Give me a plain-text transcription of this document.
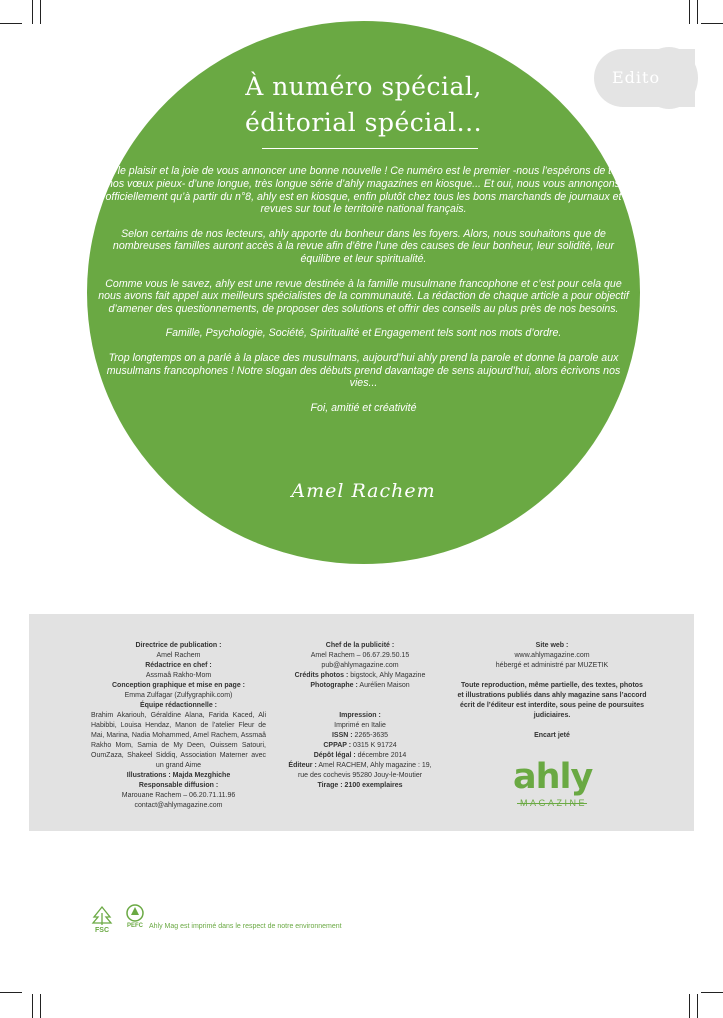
Edito
À numéro spécial,
éditorial spécial...

J’ai le plaisir et la joie de vous annoncer une bonne nouvelle ! Ce numéro est le premier -nous l’espérons de tous nos vœux pieux- d’une longue, très longue série d’ahly magazines en kiosque... Et oui, nous vous annonçons officiellement qu’à partir du n°8, ahly est en kiosque, enfin plutôt chez tous les bons marchands de journaux et revues sur tout le territoire national français.

Selon certains de nos lecteurs, ahly apporte du bonheur dans les foyers. Alors, nous souhaitons que de nombreuses familles auront accès à la revue afin d’être l’une des causes de leur bonheur, leur solidité, leur équilibre et leur spiritualité.

Comme vous le savez, ahly est une revue destinée à la famille musulmane francophone et c’est pour cela que nous avons fait appel aux meilleurs spécialistes de la communauté. La rédaction de chaque article a pour objectif d’amener des questionnements, de proposer des solutions et offrir des conseils au plus près de nos besoins.

Famille, Psychologie, Société, Spiritualité et Engagement tels sont nos mots d’ordre.

Trop longtemps on a parlé à la place des musulmans, aujourd’hui ahly prend la parole et donne la parole aux musulmans francophones ! Notre slogan des débuts prend davantage de sens aujourd’hui, alors écrivons nos vies...

Foi, amitié et créativité

Amel Rachem
Directrice de publication :
Amel Rachem
Rédactrice en chef :
Assmaâ Rakho-Mom
Conception graphique et mise en page :
Emma Zulfagar (Zulfygraphik.com)
Équipe rédactionnelle :
Brahim Akariouh, Géraldine Alana, Farida Kaced, Ali Habibbi, Louisa Hendaz, Manon de l’atelier Fleur de Mai, Marina, Nadia Mohammed, Amel Rachem, Assmaâ Rakho Mom, Samia de My Deen, Ouissem Satouri, OumZaza, Shakeel Siddiq, Association Materner avec un grand Aime
Illustrations : Majda Mezghiche
Responsable diffusion :
Marouane Rachem – 06.20.71.11.96
contact@ahlymagazine.com
Chef de la publicité :
Amel Rachem – 06.67.29.50.15
pub@ahlymagazine.com
Crédits photos : bigstock, Ahly Magazine
Photographe : Aurélien Maison
Impression :
Imprimé en Italie
ISSN : 2265-3635
CPPAP : 0315 K 91724
Dépôt légal : décembre 2014
Éditeur : Amel RACHEM, Ahly magazine : 19, rue des cochevis 95280 Jouy-le-Moutier
Tirage : 2100 exemplaires
Site web :
www.ahlymagazine.com
hébergé et administré par MUZETIK
Toute reproduction, même partielle, des textes, photos et illustrations publiés dans ahly magazine sans l’accord écrit de l’éditeur est interdite, sous peine de poursuites judiciaires.
Encart jeté
ahly
MAGAZINE
FSC
PEFC Ahly Mag est imprimé dans le respect de notre environnement
